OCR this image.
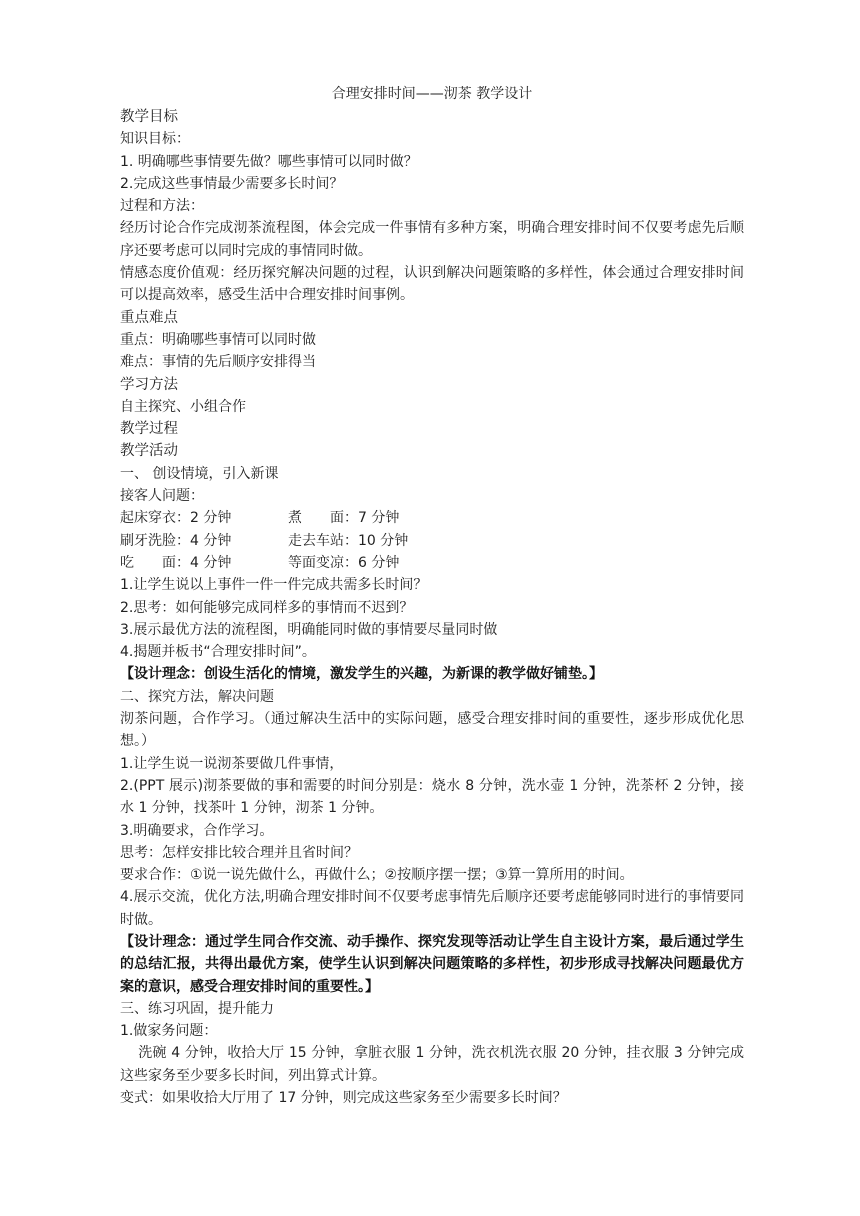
合理安排时间——沏茶 教学设计
教学目标
知识目标：
1. 明确哪些事情要先做？哪些事情可以同时做？
2.完成这些事情最少需要多长时间？
过程和方法：
经历讨论合作完成沏茶流程图，体会完成一件事情有多种方案，明确合理安排时间不仅要考虑先后顺序还要考虑可以同时完成的事情同时做。
情感态度价值观：经历探究解决问题的过程，认识到解决问题策略的多样性，体会通过合理安排时间可以提高效率，感受生活中合理安排时间事例。
重点难点
重点：明确哪些事情可以同时做
难点：事情的先后顺序安排得当
学习方法
自主探究、小组合作
教学过程
教学活动
一、 创设情境，引入新课
接客人问题：
起床穿衣：2 分钟	煮　　面：7 分钟
刷牙洗脸：4 分钟	走去车站：10 分钟
吃　　面：4 分钟	等面变凉：6 分钟
1.让学生说以上事件一件一件完成共需多长时间？
2.思考：如何能够完成同样多的事情而不迟到？
3.展示最优方法的流程图，明确能同时做的事情要尽量同时做
4.揭题并板书“合理安排时间”。
【设计理念：创设生活化的情境，激发学生的兴趣，为新课的教学做好铺垫。】
二、探究方法，解决问题
沏茶问题，合作学习。（通过解决生活中的实际问题，感受合理安排时间的重要性，逐步形成优化思想。）
1.让学生说一说沏茶要做几件事情，
2.(PPT 展示)沏茶要做的事和需要的时间分别是：烧水 8 分钟，洗水壶 1 分钟，洗茶杯 2 分钟，接水 1 分钟，找茶叶 1 分钟，沏茶 1 分钟。
3.明确要求，合作学习。
思考：怎样安排比较合理并且省时间？
要求合作：①说一说先做什么，再做什么；②按顺序摆一摆；③算一算所用的时间。
4.展示交流，优化方法,明确合理安排时间不仅要考虑事情先后顺序还要考虑能够同时进行的事情要同时做。
【设计理念：通过学生同合作交流、动手操作、探究发现等活动让学生自主设计方案，最后通过学生的总结汇报，共得出最优方案，使学生认识到解决问题策略的多样性，初步形成寻找解决问题最优方案的意识，感受合理安排时间的重要性。】
三、练习巩固，提升能力
1.做家务问题：
洗碗 4 分钟，收拾大厅 15 分钟，拿脏衣服 1 分钟，洗衣机洗衣服 20 分钟，挂衣服 3 分钟完成这些家务至少要多长时间，列出算式计算。
变式：如果收拾大厅用了 17 分钟，则完成这些家务至少需要多长时间？
